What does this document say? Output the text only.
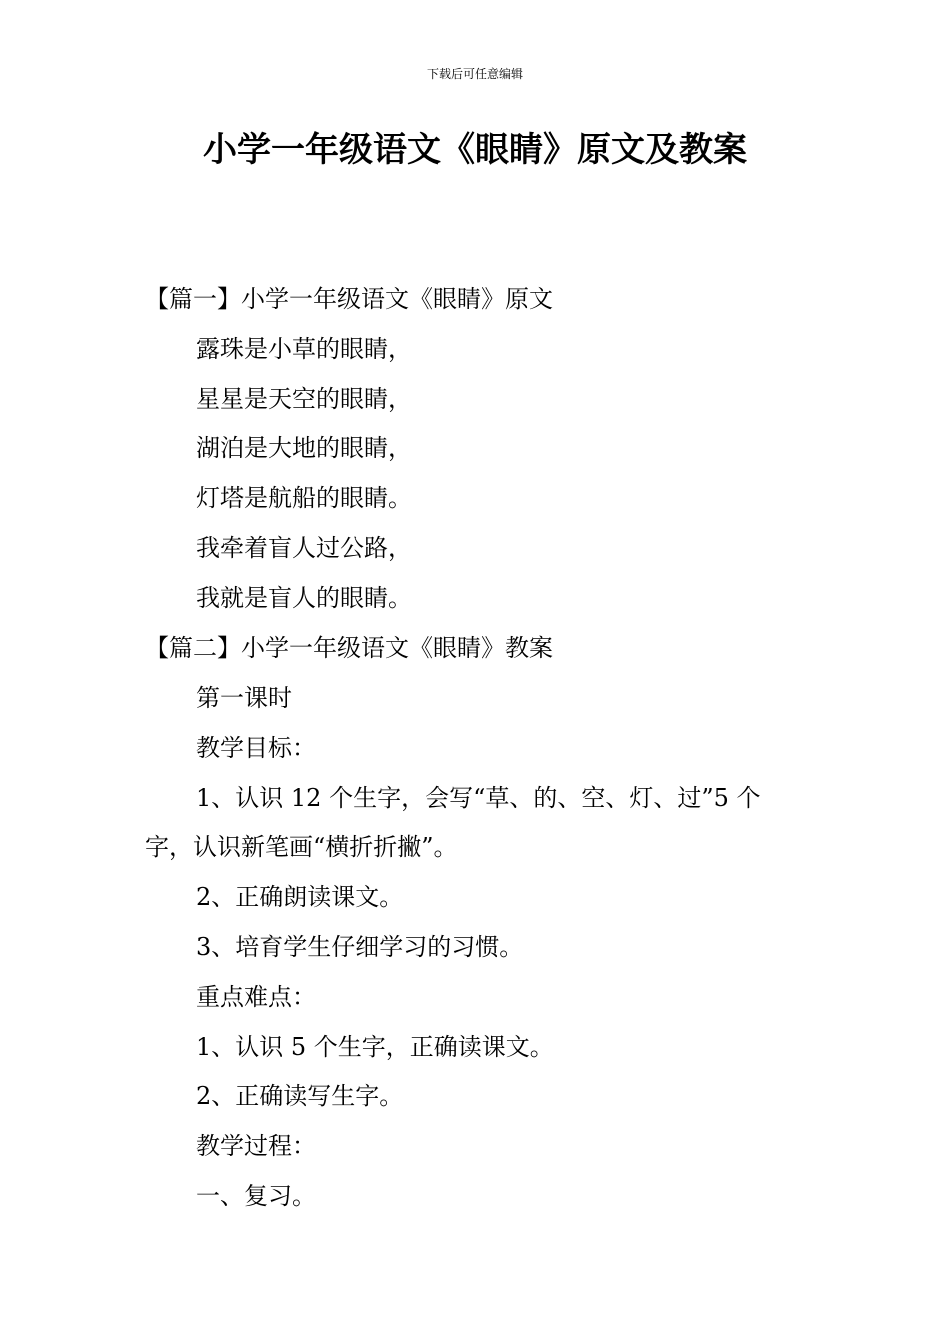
下载后可任意编辑
小学一年级语文《眼睛》原文及教案
【篇一】小学一年级语文《眼睛》原文
露珠是小草的眼睛，
星星是天空的眼睛，
湖泊是大地的眼睛，
灯塔是航船的眼睛。
我牵着盲人过公路，
我就是盲人的眼睛。
【篇二】小学一年级语文《眼睛》教案
第一课时
教学目标：
1、认识 12 个生字，会写“草、的、空、灯、过”5 个
字，认识新笔画“横折折撇”。
2、正确朗读课文。
3、培育学生仔细学习的习惯。
重点难点：
1、认识 5 个生字，正确读课文。
2、正确读写生字。
教学过程：
一、复习。
